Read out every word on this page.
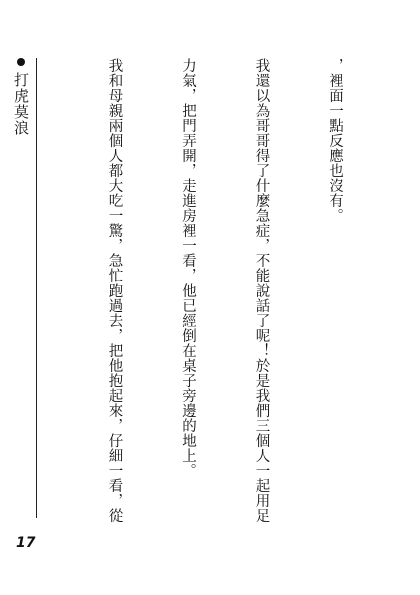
打虎莫浪
17

，裡面一點反應也沒有。

我還以為哥哥得了什麼急症，不能說話了呢！於是我們三個人一起用足

力氣，把門弄開，走進房裡一看，他已經倒在桌子旁邊的地上。

我和母親兩個人都大吃一驚，急忙跑過去，把他抱起來，仔細一看，從
